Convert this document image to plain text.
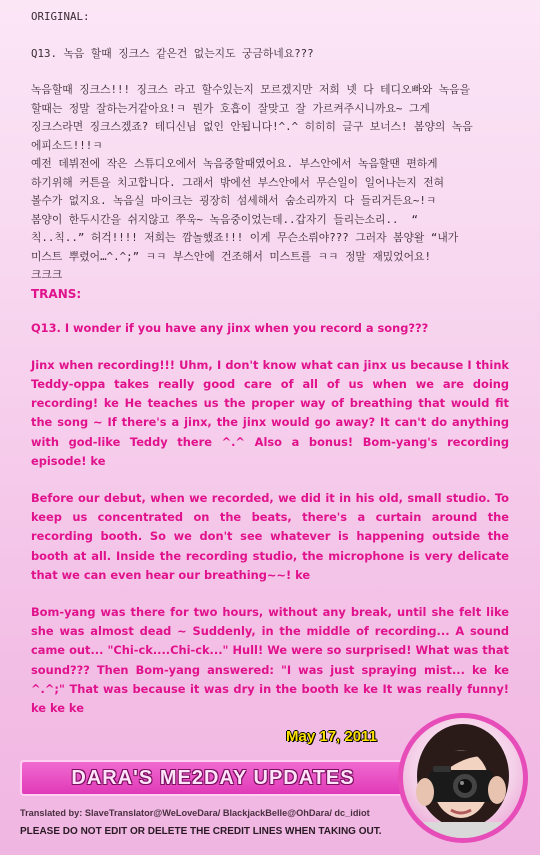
ORIGINAL:

Q13. 녹음 할때 징크스 같은건 없는지도 궁금하네요???

녹음할때 징크스!!! 징크스 라고 할수있는지 모르겠지만 저희 넷 다 테디오빠와 녹음을

할때는 정말 잘하는거같아요!ㅋ 뭔가 호흡이 잘맞고 잘 가르켜주시니까요~ 그게

징크스라면 징크스겠죠? 테디신님 없인 안됩니다!^.^ 히히히 글구 보너스! 봄양의 녹음

에피소드!!!ㅋ

예전 데뷔전에 작은 스튜디오에서 녹음중할때였어요. 부스안에서 녹음할땐 편하게

하기위해 커튼을 치고합니다. 그래서 밖에선 부스안에서 무슨일이 일어나는지 전혀

볼수가 없지요. 녹음실 마이크는 굉장히 섬세해서 숨소리까지 다 들리거든요~!ㅋ

봄양이 한두시간을 쉬지않고 쭈욱~ 녹음중이었는데..갑자기 들리는소리..  “

칙..칙..” 허걱!!!! 저희는 깜놀했죠!!! 이게 무슨소뤼야??? 그러자 봄양왈 “내가

미스트 뿌렸어…^.^;” ㅋㅋ 부스안에 건조해서 미스트를 ㅋㅋ 정말 재밌었어요!

크크크

TRANS:

Q13. I wonder if you have any jinx when you record a song???

Jinx when recording!!! Uhm, I don't know what can jinx us because I think Teddy-oppa takes really good care of all of us when we are doing recording! ke He teaches us the proper way of breathing that would fit the song ~ If there's a jinx, the jinx would go away? It can't do anything with god-like Teddy there ^.^ Also a bonus! Bom-yang's recording episode! ke

Before our debut, when we recorded, we did it in his old, small studio. To keep us concentrated on the beats, there's a curtain around the recording booth. So we don't see whatever is happening outside the booth at all. Inside the recording studio, the microphone is very delicate that we can even hear our breathing~~! ke

Bom-yang was there for two hours, without any break, until she felt like she was almost dead ~ Suddenly, in the middle of recording... A sound came out... "Chi-ck....Chi-ck..." Hull! We were so surprised! What was that sound??? Then Bom-yang answered: "I was just spraying mist... ke ke ^.^;" That was because it was dry in the booth ke ke It was really funny! ke ke ke

May 17, 2011
DARA'S ME2DAY UPDATES
Translated by: SlaveTranslator@WeLoveDara/ BlackjackBelle@OhDara/ dc_idiot
PLEASE DO NOT EDIT OR DELETE THE CREDIT LINES WHEN TAKING OUT.
